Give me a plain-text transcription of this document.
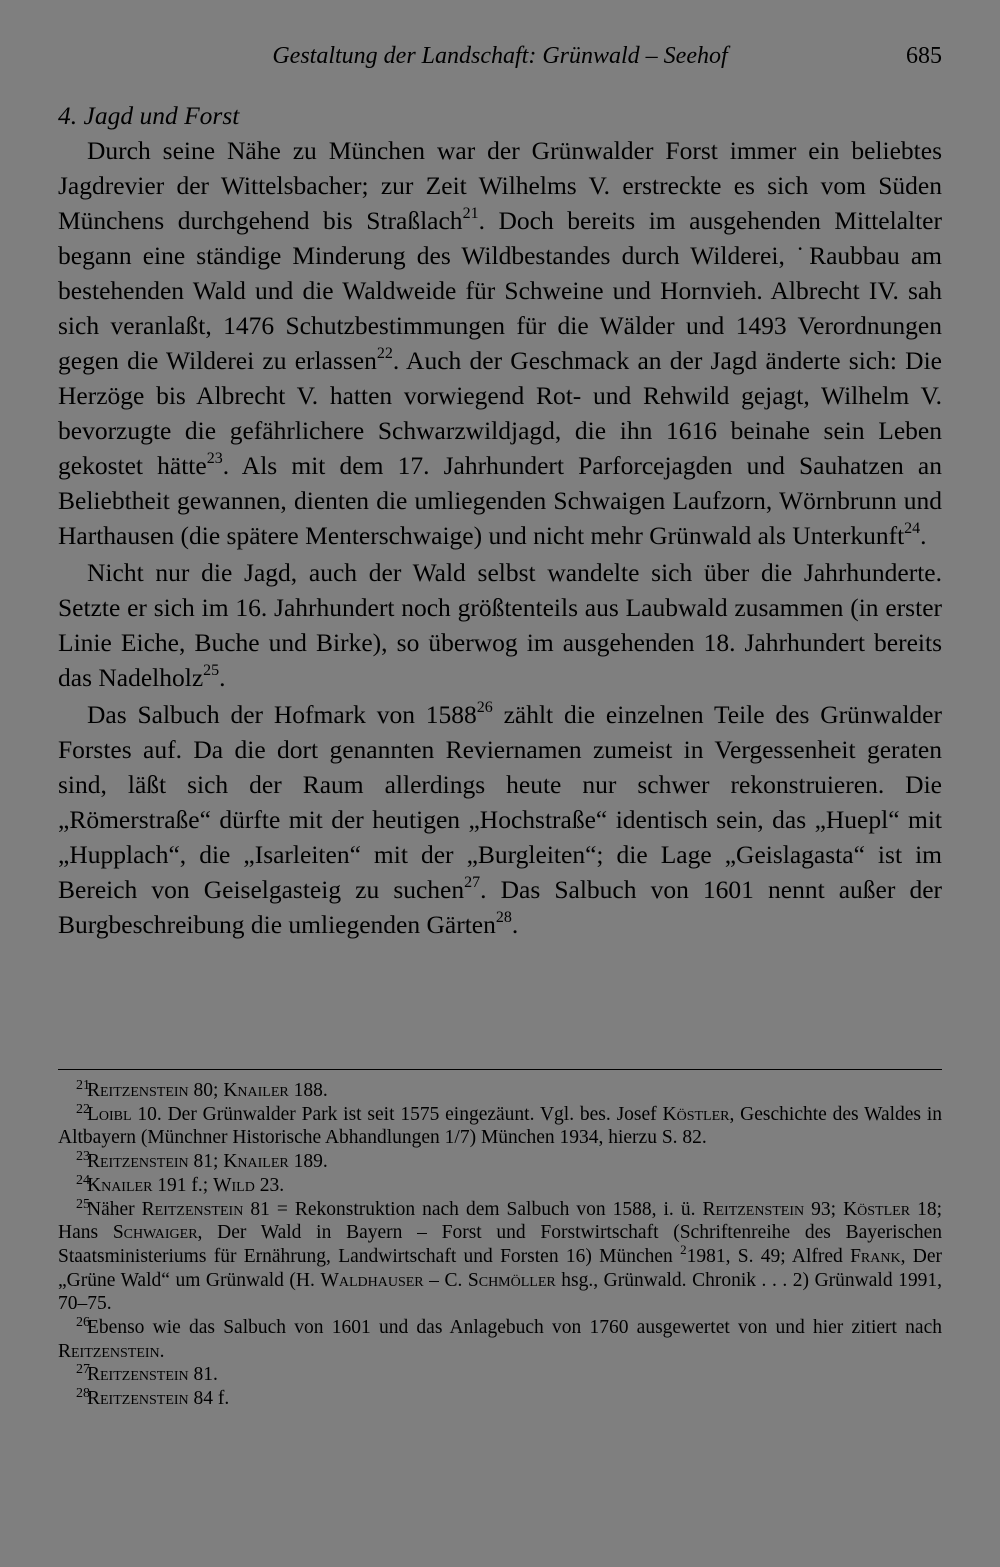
Gestaltung der Landschaft: Grünwald – Seehof	685

4. Jagd und Forst

Durch seine Nähe zu München war der Grünwalder Forst immer ein beliebtes Jagdrevier der Wittelsbacher; zur Zeit Wilhelms V. erstreckte es sich vom Süden Münchens durchgehend bis Straßlach$^{21}$. Doch bereits im ausgehenden Mittelalter begann eine ständige Minderung des Wildbestandes durch Wilderei, ˙Raubbau am bestehenden Wald und die Waldweide für Schweine und Hornvieh. Albrecht IV. sah sich veranlaßt, 1476 Schutzbestimmungen für die Wälder und 1493 Verordnungen gegen die Wilderei zu erlassen$^{22}$. Auch der Geschmack an der Jagd änderte sich: Die Herzöge bis Albrecht V. hatten vorwiegend Rot- und Rehwild gejagt, Wilhelm V. bevorzugte die gefährlichere Schwarzwildjagd, die ihn 1616 beinahe sein Leben gekostet hätte$^{23}$. Als mit dem 17. Jahrhundert Parforcejagden und Sauhatzen an Beliebtheit gewannen, dienten die umliegenden Schwaigen Laufzorn, Wörnbrunn und Harthausen (die spätere Menterschwaige) und nicht mehr Grünwald als Unterkunft$^{24}$.

Nicht nur die Jagd, auch der Wald selbst wandelte sich über die Jahrhunderte. Setzte er sich im 16. Jahrhundert noch größtenteils aus Laubwald zusammen (in erster Linie Eiche, Buche und Birke), so überwog im ausgehenden 18. Jahrhundert bereits das Nadelholz$^{25}$.

Das Salbuch der Hofmark von 1588$^{26}$ zählt die einzelnen Teile des Grünwalder Forstes auf. Da die dort genannten Reviernamen zumeist in Vergessenheit geraten sind, läßt sich der Raum allerdings heute nur schwer rekonstruieren. Die „Römerstraße“ dürfte mit der heutigen „Hochstraße“ identisch sein, das „Huepl“ mit „Hupplach“, die „Isarleiten“ mit der „Burgleiten“; die Lage „Geislagasta“ ist im Bereich von Geiselgasteig zu suchen$^{27}$. Das Salbuch von 1601 nennt außer der Burgbeschreibung die umliegenden Gärten$^{28}$.

21Reitzenstein 80; Knailer 188.

22Loibl 10. Der Grünwalder Park ist seit 1575 eingezäunt. Vgl. bes. Josef Köstler, Geschichte des Waldes in Altbayern (Münchner Historische Abhandlungen 1/7) München 1934, hierzu S. 82.

23Reitzenstein 81; Knailer 189.

24Knailer 191 f.; Wild 23.

25Näher Reitzenstein 81 = Rekonstruktion nach dem Salbuch von 1588, i. ü. Reitzenstein 93; Köstler 18; Hans Schwaiger, Der Wald in Bayern – Forst und Forstwirtschaft (Schriftenreihe des Bayerischen Staatsministeriums für Ernährung, Landwirtschaft und Forsten 16) München $^2$1981, S. 49; Alfred Frank, Der „Grüne Wald“ um Grünwald (H. Waldhauser – C. Schmöller hsg., Grünwald. Chronik . . . 2) Grünwald 1991, 70–75.

26Ebenso wie das Salbuch von 1601 und das Anlagebuch von 1760 ausgewertet von und hier zitiert nach Reitzenstein.

27Reitzenstein 81.

28Reitzenstein 84 f.
